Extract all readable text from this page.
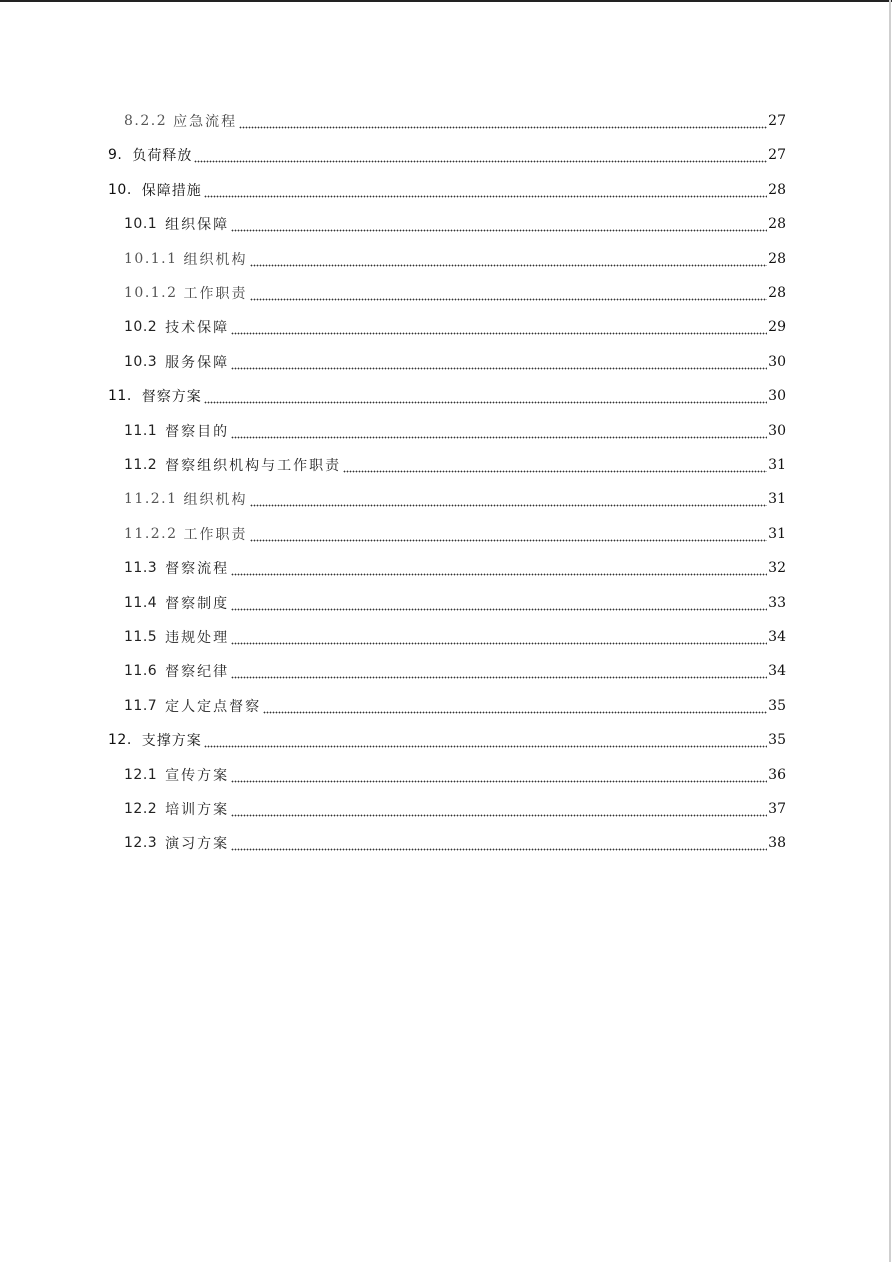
8.2.2 应急流程	27
9. 负荷释放	27
10. 保障措施	28
10.1 组织保障	28
10.1.1 组织机构	28
10.1.2 工作职责	28
10.2 技术保障	29
10.3 服务保障	30
11. 督察方案	30
11.1 督察目的	30
11.2 督察组织机构与工作职责	31
11.2.1 组织机构	31
11.2.2 工作职责	31
11.3 督察流程	32
11.4 督察制度	33
11.5 违规处理	34
11.6 督察纪律	34
11.7 定人定点督察	35
12. 支撑方案	35
12.1 宣传方案	36
12.2 培训方案	37
12.3 演习方案	38
